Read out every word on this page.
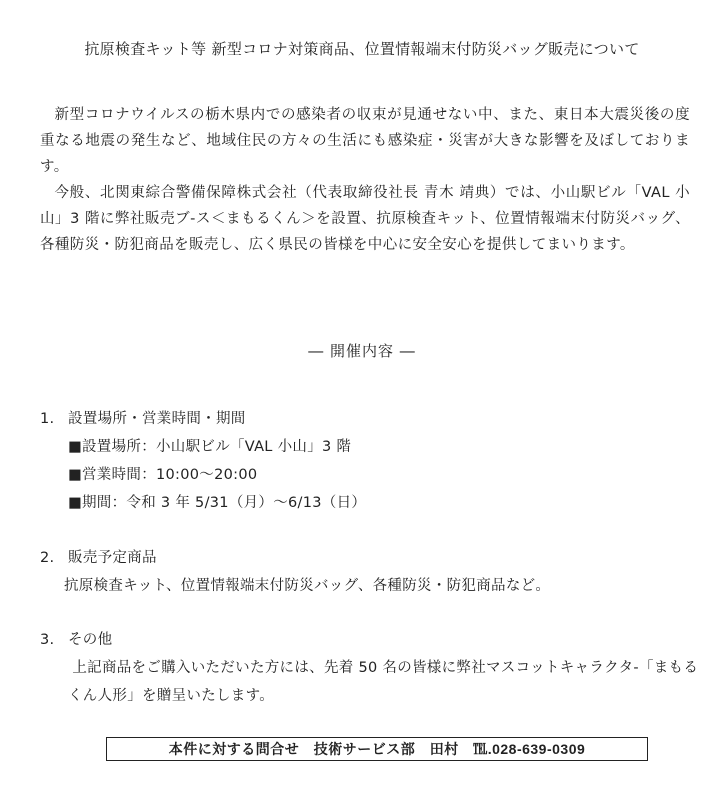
抗原検査キット等 新型コロナ対策商品、位置情報端末付防災バッグ販売について

新型コロナウイルスの栃木県内での感染者の収束が見通せない中、また、東日本大震災後の度重なる地震の発生など、地域住民の方々の生活にも感染症・災害が大きな影響を及ぼしております。

今般、北関東綜合警備保障株式会社（代表取締役社長 青木 靖典）では、小山駅ビル「VAL 小山」3 階に弊社販売ブ-ス＜まもるくん＞を設置、抗原検査キット、位置情報端末付防災バッグ、各種防災・防犯商品を販売し、広く県民の皆様を中心に安全安心を提供してまいります。

― 開催内容 ―
1. 設置場所・営業時間・期間
■設置場所：小山駅ビル「VAL 小山」3 階
■営業時間：10:00～20:00
■期間：令和 3 年 5/31（月）～6/13（日）
2. 販売予定商品
抗原検査キット、位置情報端末付防災バッグ、各種防災・防犯商品など。
3. その他
上記商品をご購入いただいた方には、先着 50 名の皆様に弊社マスコットキャラクタ-「まもるくん人形」を贈呈いたします。
本件に対する問合せ　技術サービス部　田村　℡.028-639-0309
